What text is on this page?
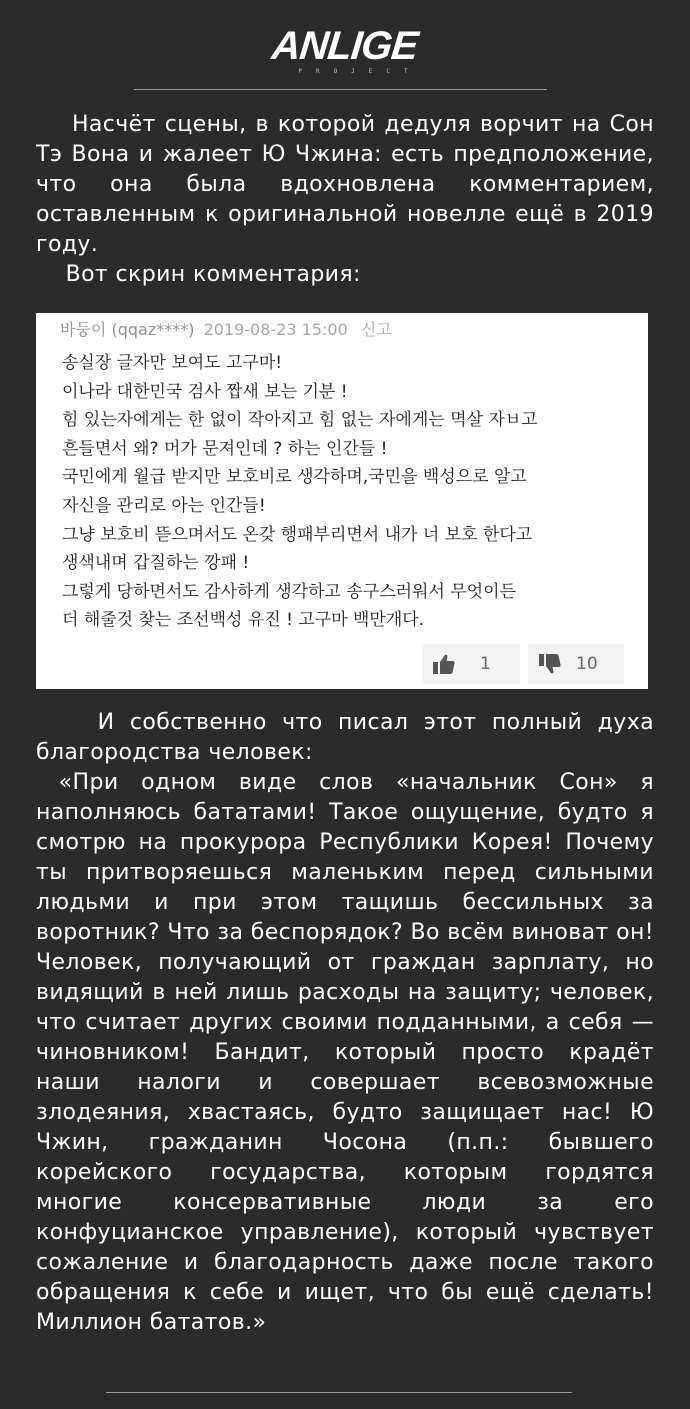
ANLIGE
PROJECT
Насчёт сцены, в которой дедуля ворчит на Сон Тэ Вона и жалеет Ю Чжина: есть предположение, что она была вдохновлена комментарием, оставленным к оригинальной новелле ещё в 2019 году.
Вот скрин комментария:
바둥이 (qqaz****) 2019-08-23 15:00 신고
송실장 글자만 보여도 고구마!
이나라 대한민국 검사 짭새 보는 기분 !
힘 있는자에게는 한 없이 작아지고 힘 없는 자에게는 멱살 자ㅂ고
흔들면서 왜? 머가 문져인데 ? 하는 인간들 !
국민에게 월급 받지만 보호비로 생각하며,국민을 백성으로 알고
자신을 관리로 아는 인간들!
그냥 보호비 뜯으며서도 온갖 행패부리면서 내가 너 보호 한다고
생색내며 갑질하는 깡패 !
그렇게 당하면서도 감사하게 생각하고 송구스러워서 무엇이든
더 해줄것 찾는 조선백성 유진 ! 고구마 백만개다.
1	10
И собственно что писал этот полный духа благородства человек:
«При одном виде слов «начальник Сон» я наполняюсь бататами! Такое ощущение, будто я смотрю на прокурора Республики Корея! Почему ты притворяешься маленьким перед сильными людьми и при этом тащишь бессильных за воротник? Что за беспорядок? Во всём виноват он! Человек, получающий от граждан зарплату, но видящий в ней лишь расходы на защиту; человек, что считает других своими подданными, а себя — чиновником! Бандит, который просто крадёт наши налоги и совершает всевозможные злодеяния, хвастаясь, будто защищает нас! Ю Чжин, гражданин Чосона (п.п.: бывшего корейского государства, которым гордятся многие консервативные люди за его конфуцианское управление), который чувствует сожаление и благодарность даже после такого обращения к себе и ищет, что бы ещё сделать! Миллион бататов.»
